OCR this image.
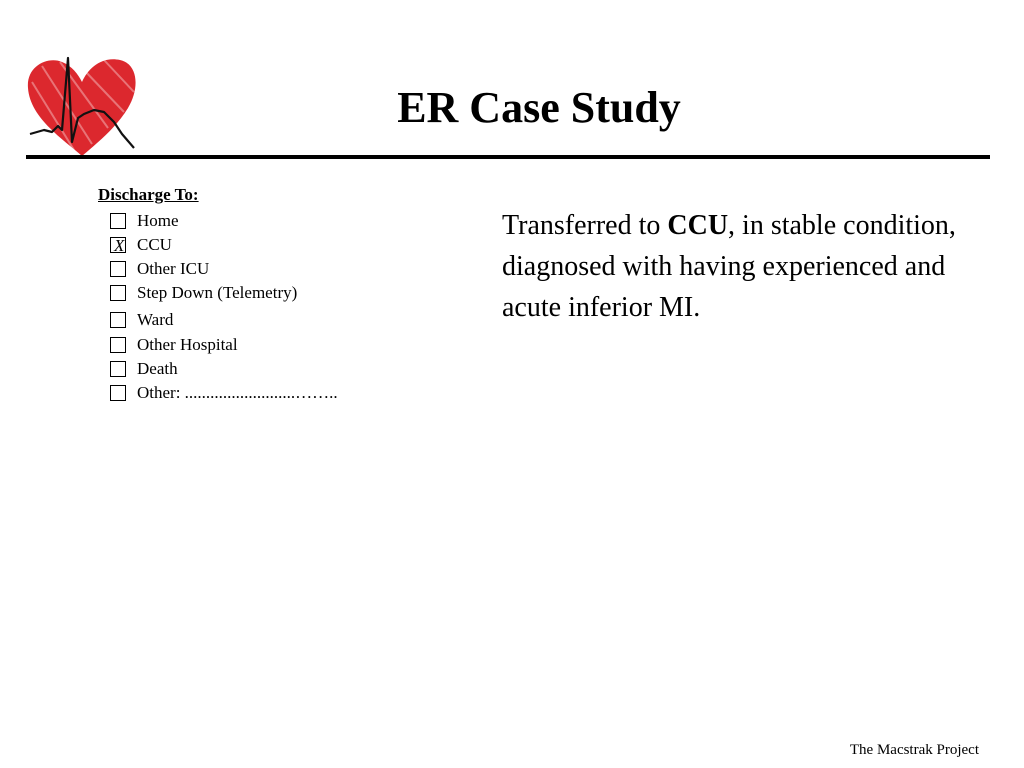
ER Case Study
Discharge To:
Home
X CCU
Other ICU
Step Down (Telemetry)
Ward
Other Hospital
Death
Other: ..........................……..
Transferred to CCU, in stable condition, diagnosed with having experienced and acute inferior MI.
The Macstrak Project
